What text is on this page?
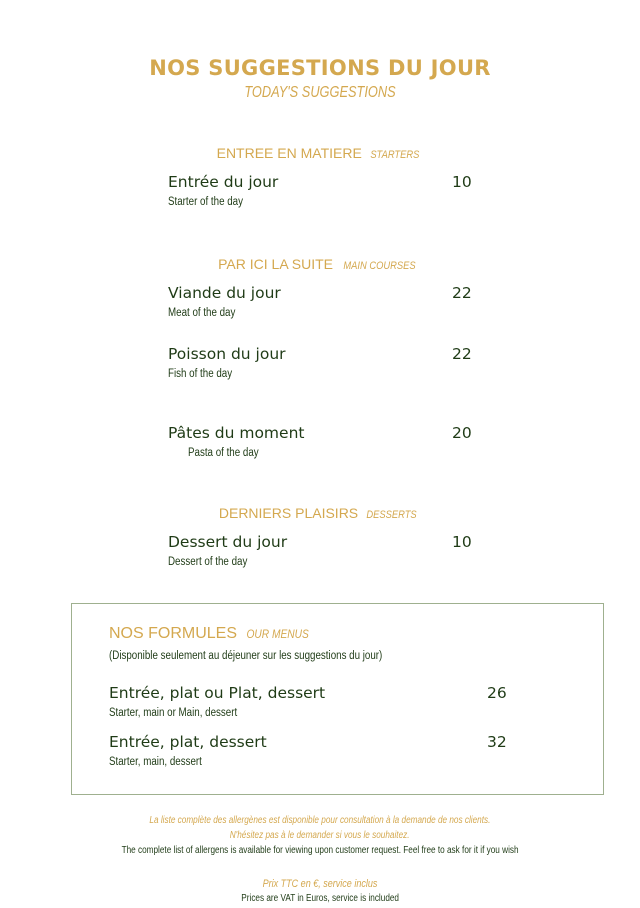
NOS SUGGESTIONS DU JOUR
TODAY'S SUGGESTIONS
ENTREE EN MATIERE STARTERS
Entrée du jour
Starter of the day
10
PAR ICI LA SUITE MAIN COURSES
Viande du jour
Meat of the day
22
Poisson du jour
Fish of the day
22
Pâtes du moment
Pasta of the day
20
DERNIERS PLAISIRS DESSERTS
Dessert du jour
Dessert of the day
10
NOS FORMULES OUR MENUS
(Disponible seulement au déjeuner sur les suggestions du jour)
Entrée, plat ou Plat, dessert
Starter, main or Main, dessert
26
Entrée, plat, dessert
Starter, main, dessert
32
La liste complète des allergènes est disponible pour consultation à la demande de nos clients.
N'hésitez pas à le demander si vous le souhaitez.
The complete list of allergens is available for viewing upon customer request. Feel free to ask for it if you wish
Prix TTC en €, service inclus
Prices are VAT in Euros, service is included
